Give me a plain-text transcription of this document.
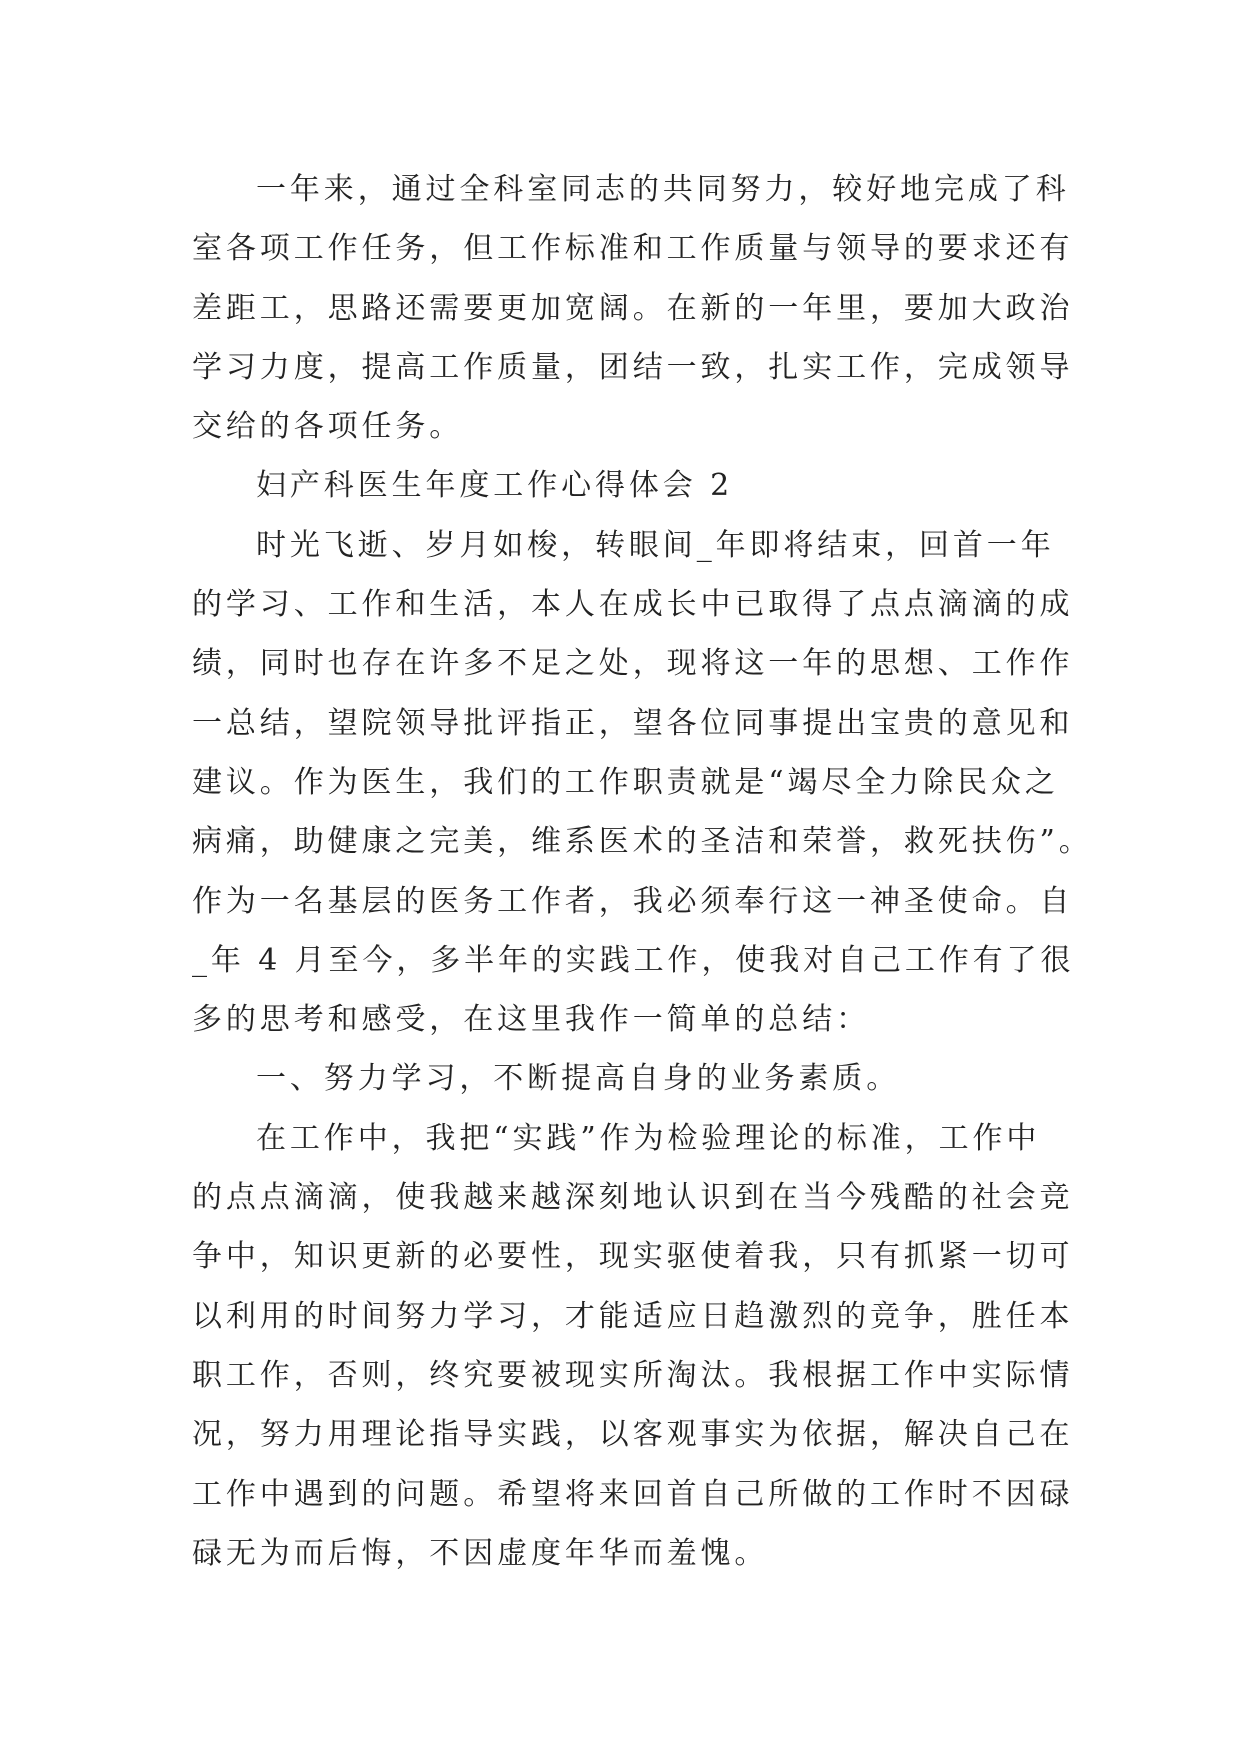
一年来，通过全科室同志的共同努力，较好地完成了科
室各项工作任务，但工作标准和工作质量与领导的要求还有
差距工，思路还需要更加宽阔。在新的一年里，要加大政治
学习力度，提高工作质量，团结一致，扎实工作，完成领导
交给的各项任务。
妇产科医生年度工作心得体会 2
时光飞逝、岁月如梭，转眼间_年即将结束，回首一年
的学习、工作和生活，本人在成长中已取得了点点滴滴的成
绩，同时也存在许多不足之处，现将这一年的思想、工作作
一总结，望院领导批评指正，望各位同事提出宝贵的意见和
建议。作为医生，我们的工作职责就是“竭尽全力除民众之
病痛，助健康之完美，维系医术的圣洁和荣誉，救死扶伤”。
作为一名基层的医务工作者，我必须奉行这一神圣使命。自
_年 4 月至今，多半年的实践工作，使我对自己工作有了很
多的思考和感受，在这里我作一简单的总结：
一、努力学习，不断提高自身的业务素质。
在工作中，我把“实践”作为检验理论的标准，工作中
的点点滴滴，使我越来越深刻地认识到在当今残酷的社会竞
争中，知识更新的必要性，现实驱使着我，只有抓紧一切可
以利用的时间努力学习，才能适应日趋激烈的竞争，胜任本
职工作，否则，终究要被现实所淘汰。我根据工作中实际情
况，努力用理论指导实践，以客观事实为依据，解决自己在
工作中遇到的问题。希望将来回首自己所做的工作时不因碌
碌无为而后悔，不因虚度年华而羞愧。
